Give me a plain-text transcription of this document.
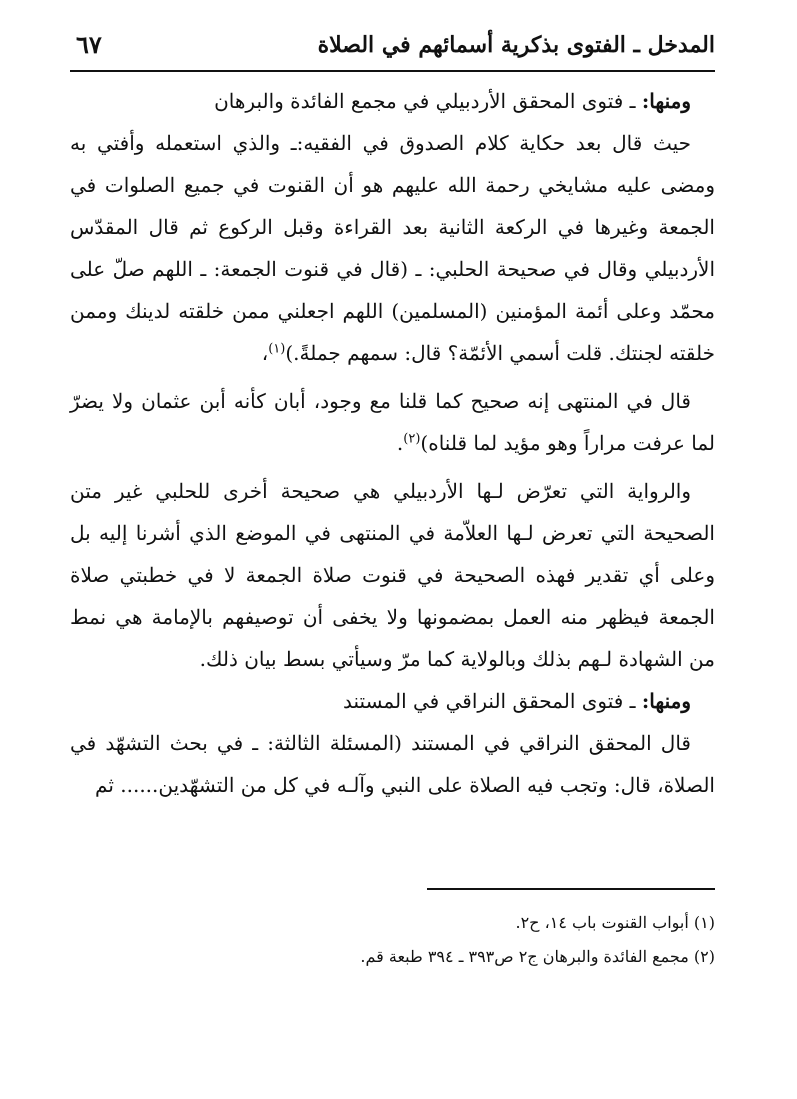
المدخل ـ الفتوى بذكرية أسمائهم في الصلاة
٦٧

ومنها: ـ فتوى المحقق الأردبيلي في مجمع الفائدة والبرهان

حيث قال بعد حكاية كلام الصدوق في الفقيه:ـ والذي استعمله وأفتي به ومضى عليه مشايخي رحمة الله عليهم هو أن القنوت في جميع الصلوات في الجمعة وغيرها في الركعة الثانية بعد القراءة وقبل الركوع ثم قال المقدّس الأردبيلي وقال في صحيحة الحلبي: ـ (قال في قنوت الجمعة: ـ اللهم صلّ على محمّد وعلى أئمة المؤمنين (المسلمين) اللهم اجعلني ممن خلقته لدينك وممن خلقته لجنتك. قلت أسمي الأئمّة؟ قال: سمهم جملةً.)$^{(١)}$،

قال في المنتهى إنه صحيح كما قلنا مع وجود، أبان كأنه أبن عثمان ولا يضرّ لما عرفت مراراً وهو مؤيد لما قلناه)$^{(٢)}$.

والرواية التي تعرّض لـها الأردبيلي هي صحيحة أخرى للحلبي غير متن الصحيحة التي تعرض لـها العلاّمة في المنتهى في الموضع الذي أشرنا إليه بل وعلى أي تقدير فهذه الصحيحة في قنوت صلاة الجمعة لا في خطبتي صلاة الجمعة فيظهر منه العمل بمضمونها ولا يخفى أن توصيفهم بالإمامة هي نمط من الشهادة لـهم بذلك وبالولاية كما مرّ وسيأتي بسط بيان ذلك.

ومنها: ـ فتوى المحقق النراقي في المستند

قال المحقق النراقي في المستند (المسئلة الثالثة: ـ في بحث التشهّد في الصلاة، قال: وتجب فيه الصلاة على النبي وآلـه في كل من التشهّدين...... ثم

(١) أبواب القنوت باب ١٤، ح٢.

(٢) مجمع الفائدة والبرهان ج٢ ص٣٩٣ ـ ٣٩٤ طبعة قم.
